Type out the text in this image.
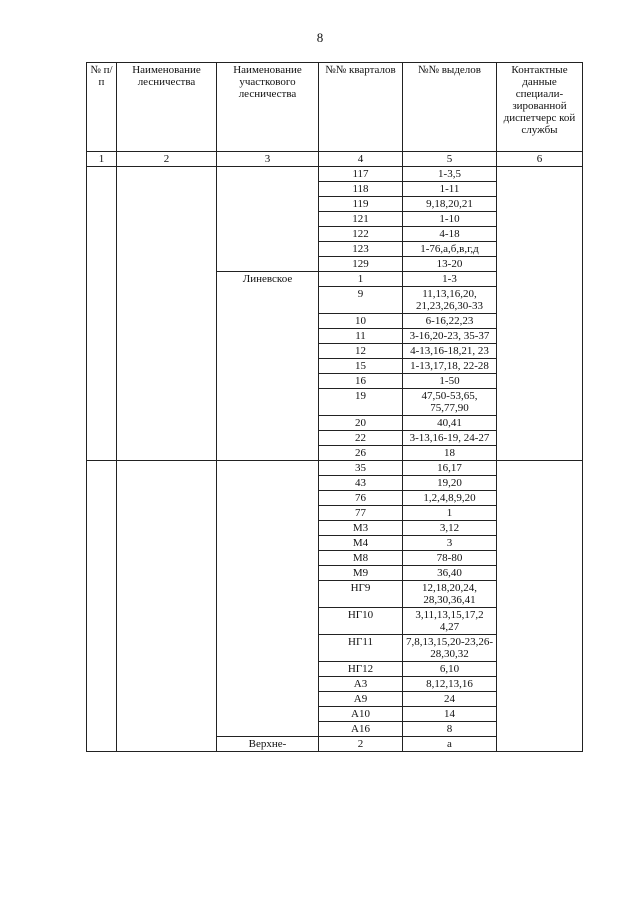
8
№ п/п	Наименование лесничества	Наименование участкового лесничества	№№ кварталов	№№ выделов	Контактные данные специали-зированной диспетчерс кой службы
1	2	3	4	5	6
			117	1-3,5	
			118	1-11	
			119	9,18,20,21	
			121	1-10	
			122	4-18	
			123	1-76,а,б,в,г,д	
			129	13-20	
		Линевское	1	1-3	
			9	11,13,16,20, 21,23,26,30-33	
			10	6-16,22,23	
			11	3-16,20-23, 35-37	
			12	4-13,16-18,21, 23	
			15	1-13,17,18, 22-28	
			16	1-50	
			19	47,50-53,65, 75,77,90	
			20	40,41	
			22	3-13,16-19, 24-27	
			26	18	
			35	16,17	
			43	19,20	
			76	1,2,4,8,9,20	
			77	1	
			М3	3,12	
			М4	3	
			М8	78-80	
			М9	36,40	
			НГ9	12,18,20,24, 28,30,36,41	
			НГ10	3,11,13,15,17,2 4,27	
			НГ11	7,8,13,15,20-23,26-28,30,32	
			НГ12	6,10	
			А3	8,12,13,16	
			А9	24	
			А10	14	
			А16	8	
		Верхне-	2	а	
